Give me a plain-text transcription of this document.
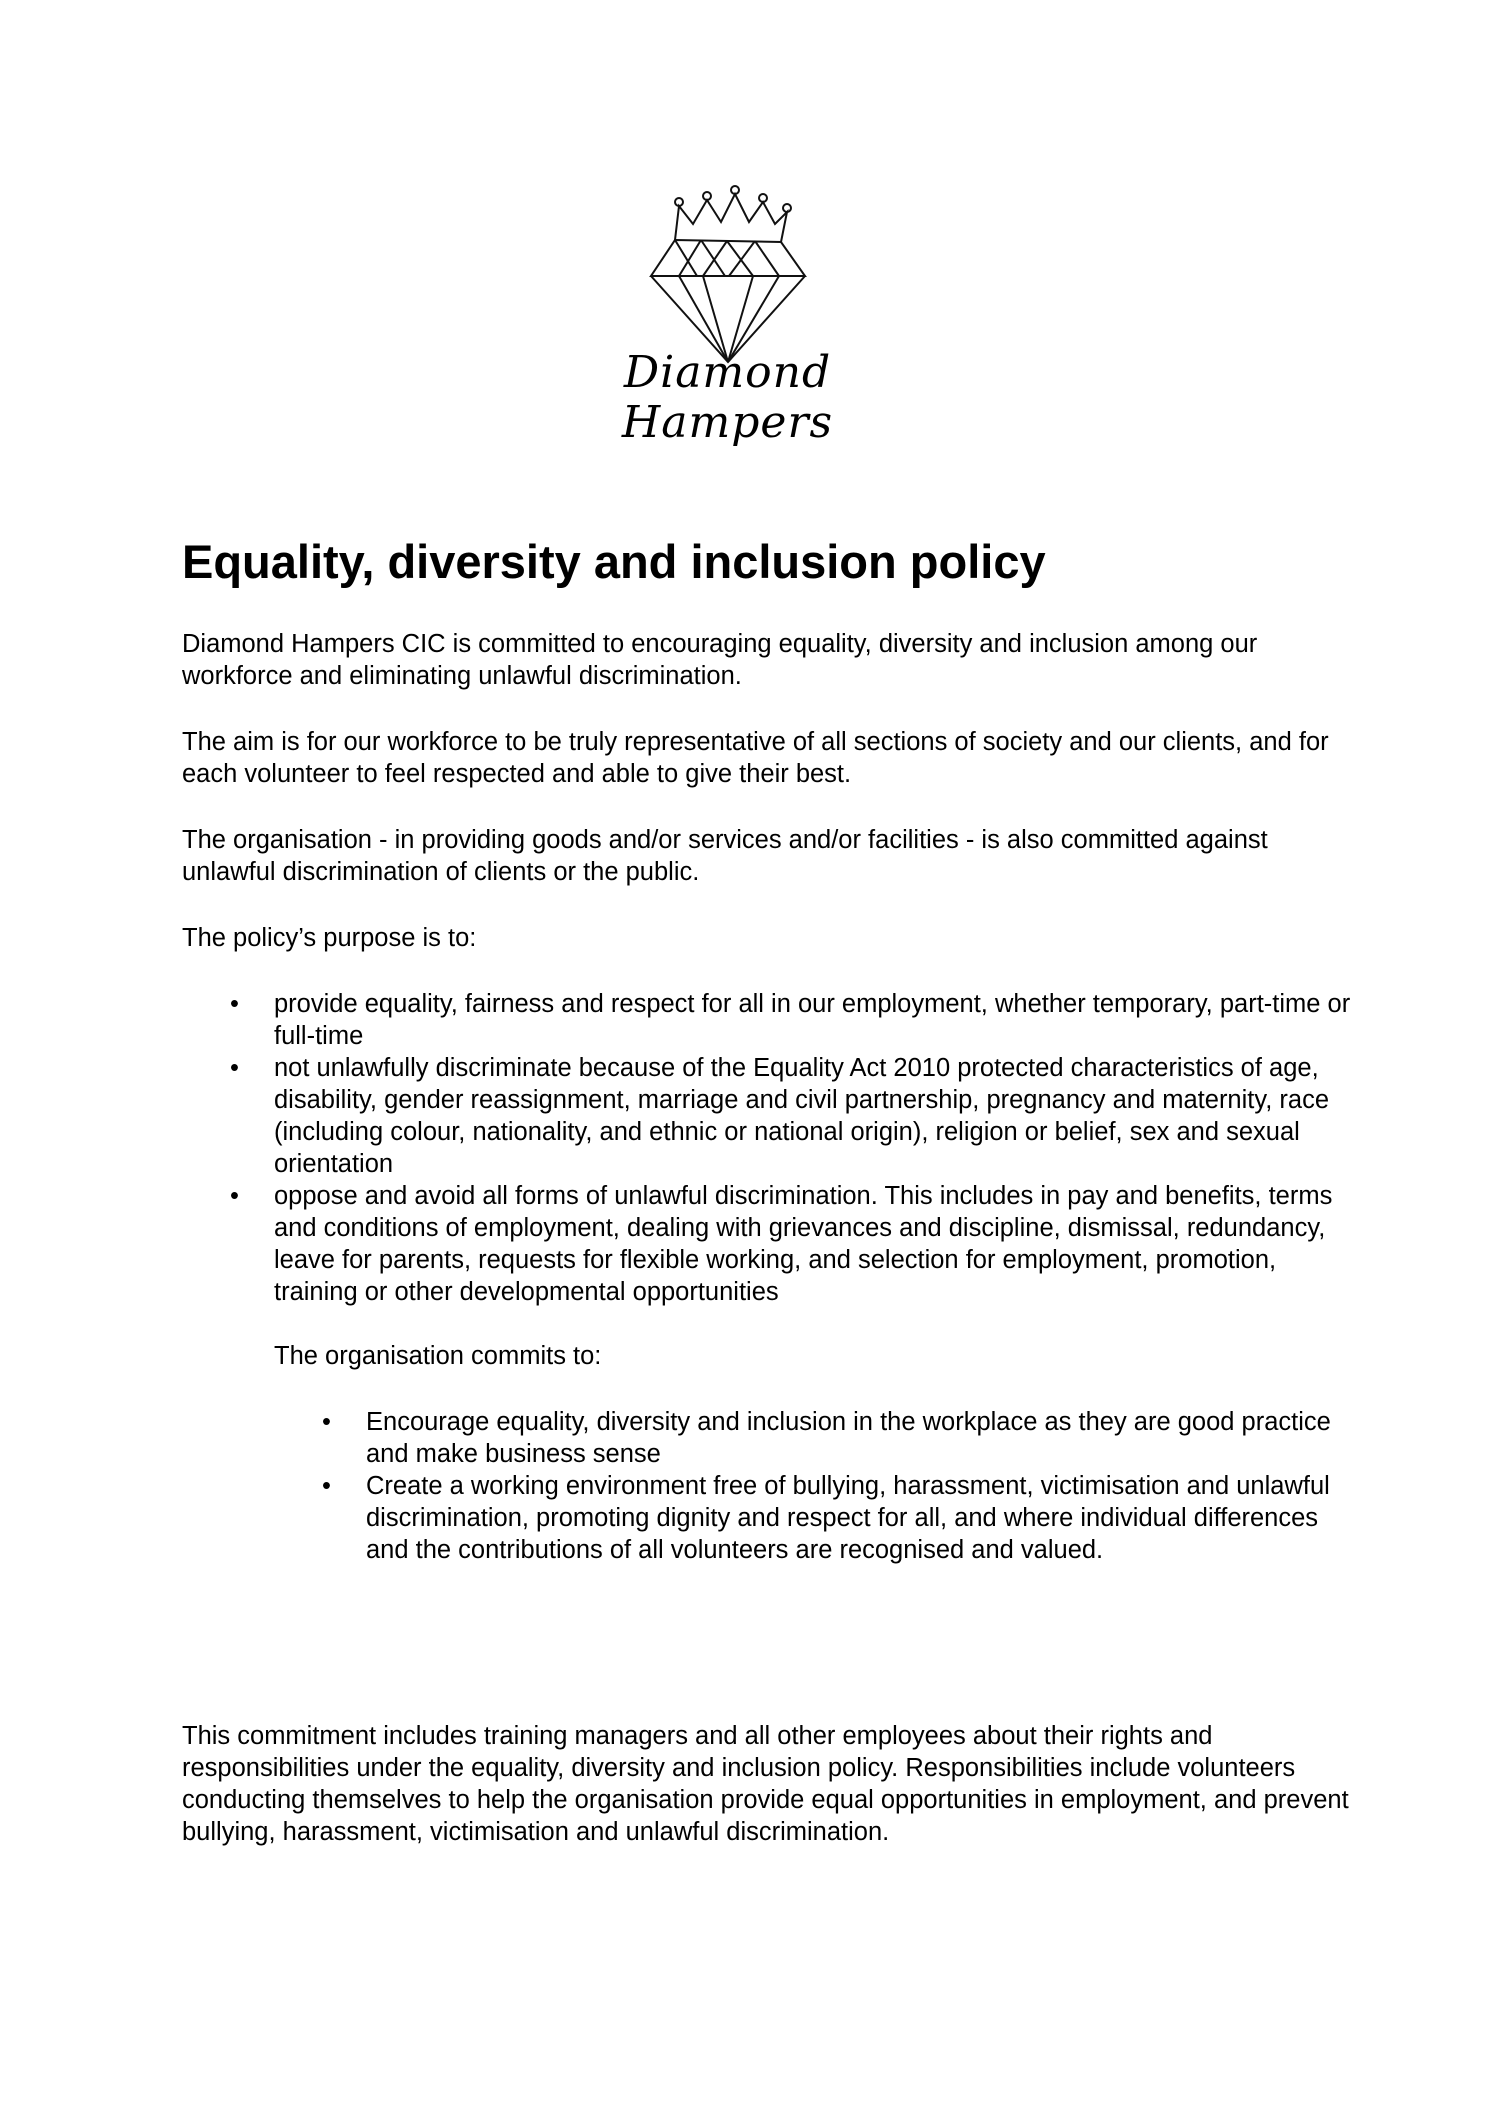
Diamond
Hampers
Equality, diversity and inclusion policy

Diamond Hampers CIC is committed to encouraging equality, diversity and inclusion among our workforce and eliminating unlawful discrimination.

The aim is for our workforce to be truly representative of all sections of society and our clients, and for each volunteer to feel respected and able to give their best.

The organisation - in providing goods and/or services and/or facilities - is also committed against unlawful discrimination of clients or the public.

The policy’s purpose is to:

• provide equality, fairness and respect for all in our employment, whether temporary, part-time or full-time
• not unlawfully discriminate because of the Equality Act 2010 protected characteristics of age, disability, gender reassignment, marriage and civil partnership, pregnancy and maternity, race (including colour, nationality, and ethnic or national origin), religion or belief, sex and sexual orientation
• oppose and avoid all forms of unlawful discrimination. This includes in pay and benefits, terms and conditions of employment, dealing with grievances and discipline, dismissal, redundancy, leave for parents, requests for flexible working, and selection for employment, promotion, training or other developmental opportunities

The organisation commits to:

• Encourage equality, diversity and inclusion in the workplace as they are good practice and make business sense
• Create a working environment free of bullying, harassment, victimisation and unlawful discrimination, promoting dignity and respect for all, and where individual differences and the contributions of all volunteers are recognised and valued.

This commitment includes training managers and all other employees about their rights and responsibilities under the equality, diversity and inclusion policy. Responsibilities include volunteers conducting themselves to help the organisation provide equal opportunities in employment, and prevent bullying, harassment, victimisation and unlawful discrimination.
